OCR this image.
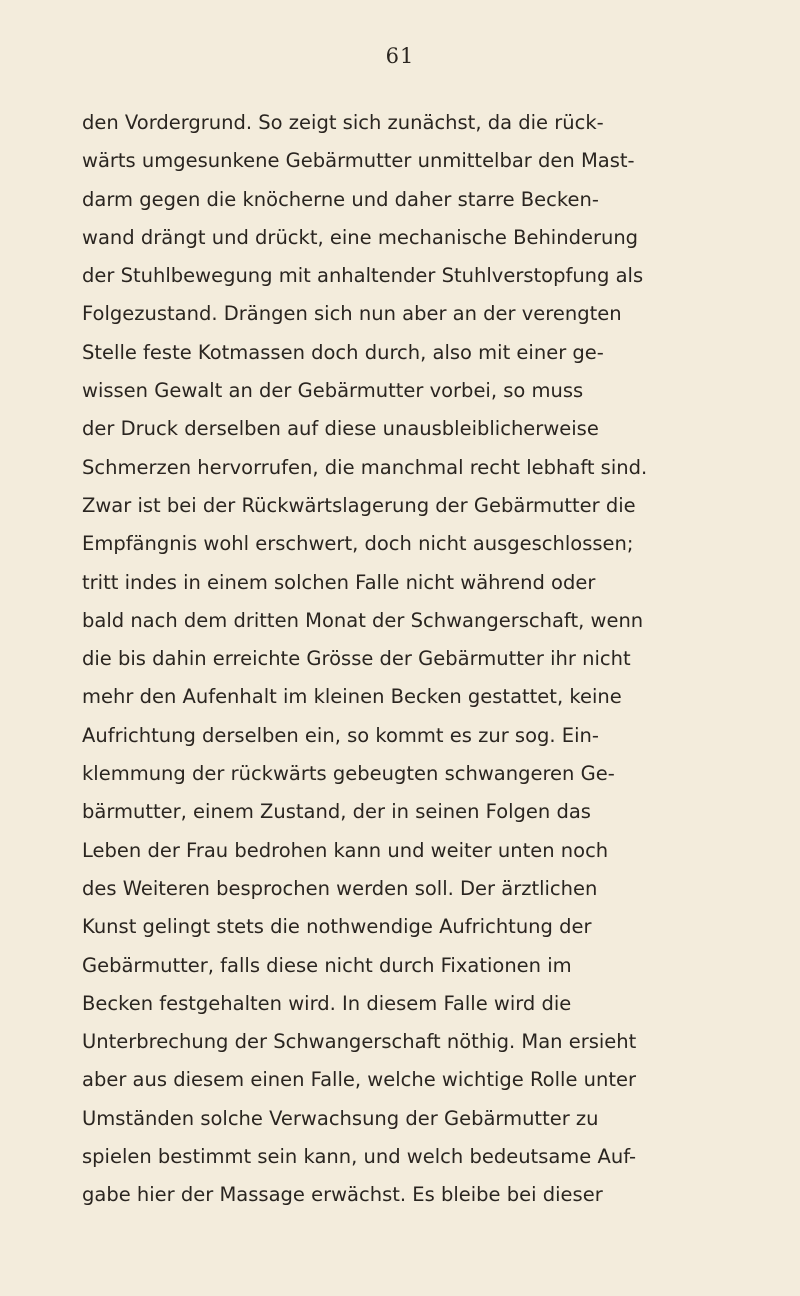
61
den Vordergrund. So zeigt sich zunächst, da die rück-
wärts umgesunkene Gebärmutter unmittelbar den Mast-
darm gegen die knöcherne und daher starre Becken-
wand drängt und drückt, eine mechanische Behinderung
der Stuhlbewegung mit anhaltender Stuhlverstopfung als
Folgezustand. Drängen sich nun aber an der verengten
Stelle feste Kotmassen doch durch, also mit einer ge-
wissen Gewalt an der Gebärmutter vorbei, so muss
der Druck derselben auf diese unausbleiblicherweise
Schmerzen hervorrufen, die manchmal recht lebhaft sind.
Zwar ist bei der Rückwärtslagerung der Gebärmutter die
Empfängnis wohl erschwert, doch nicht ausgeschlossen;
tritt indes in einem solchen Falle nicht während oder
bald nach dem dritten Monat der Schwangerschaft, wenn
die bis dahin erreichte Grösse der Gebärmutter ihr nicht
mehr den Aufenhalt im kleinen Becken gestattet, keine
Aufrichtung derselben ein, so kommt es zur sog. Ein-
klemmung der rückwärts gebeugten schwangeren Ge-
bärmutter, einem Zustand, der in seinen Folgen das
Leben der Frau bedrohen kann und weiter unten noch
des Weiteren besprochen werden soll. Der ärztlichen
Kunst gelingt stets die nothwendige Aufrichtung der
Gebärmutter, falls diese nicht durch Fixationen im
Becken festgehalten wird. In diesem Falle wird die
Unterbrechung der Schwangerschaft nöthig. Man ersieht
aber aus diesem einen Falle, welche wichtige Rolle unter
Umständen solche Verwachsung der Gebärmutter zu
spielen bestimmt sein kann, und welch bedeutsame Auf-
gabe hier der Massage erwächst. Es bleibe bei dieser
